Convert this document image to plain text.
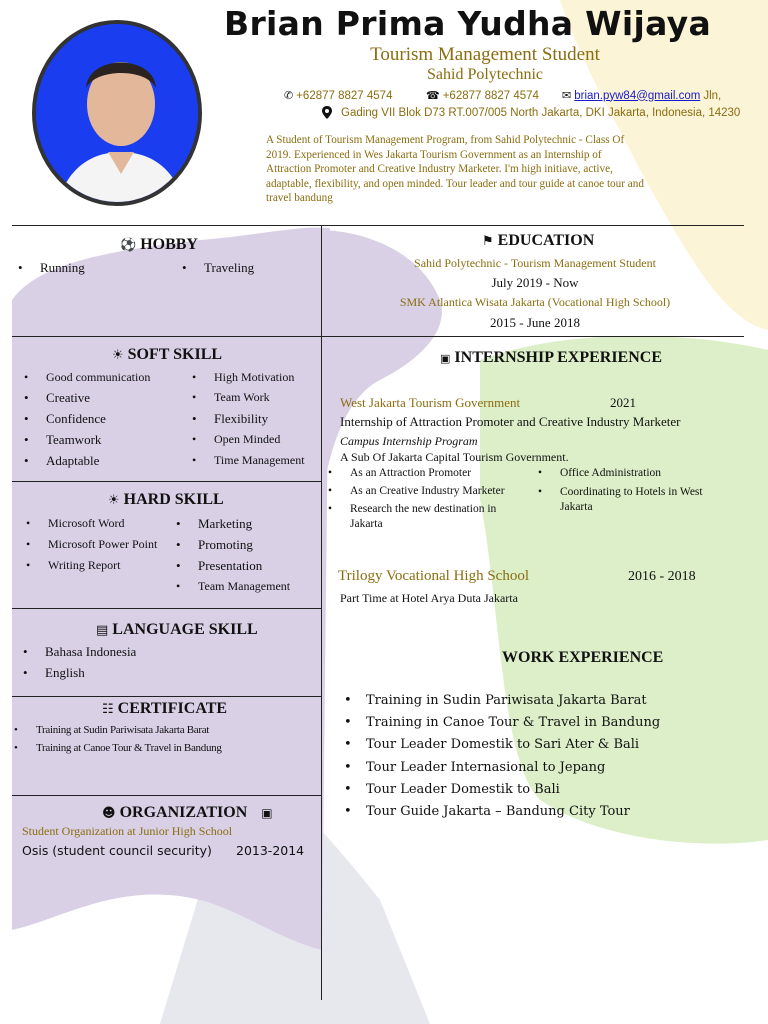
Brian Prima Yudha Wijaya
Tourism Management Student
Sahid Polytechnic
✆ +62877 8827 4574	☎ +62877 8827 4574 ✉ brian.pyw84@gmail.com Jln,
Gading VII Blok D73 RT.007/005 North Jakarta, DKI Jakarta, Indonesia, 14230
A Student of Tourism Management Program, from Sahid Polytechnic - Class Of 2019. Experienced in Wes Jakarta Tourism Government as an Internship of Attraction Promoter and Creative Industry Marketer. I'm high initiave, active, adaptable, flexibility, and open minded. Tour leader and tour guide at canoe tour and travel bandung
⚽ HOBBY
• Running
•	Traveling
⚑ EDUCATION
Sahid Polytechnic - Tourism Management Student
July 2019 - Now
SMK Atlantica Wisata Jakarta (Vocational High School)
2015 - June 2018
☀ SOFT SKILL
• Good communication
• Creative
• Confidence
• Teamwork
• Adaptable
• High Motivation
• Team Work
• Flexibility
• Open Minded
• Time Management
☀ HARD SKILL
• Microsoft Word
• Microsoft Power Point
• Writing Report
• Marketing
• Promoting
• Presentation
• Team Management
▤ LANGUAGE SKILL
• Bahasa Indonesia
• English
☷ CERTIFICATE
• Training at Sudin Pariwisata Jakarta Barat
• Training at Canoe Tour & Travel in Bandung
☻ ORGANIZATION ▣
Student Organization at Junior High School
Osis (student council security) 2013-2014
▣ INTERNSHIP EXPERIENCE
West Jakarta Tourism Government	2021
Internship of Attraction Promoter and Creative Industry Marketer
Campus Internship Program
A Sub Of Jakarta Capital Tourism Government.
• As an Attraction Promoter
• As an Creative Industry Marketer
• Research the new destination in Jakarta
• Office Administration
• Coordinating to Hotels in West Jakarta
Trilogy Vocational High School	2016 - 2018
Part Time at Hotel Arya Duta Jakarta
WORK EXPERIENCE
• Training in Sudin Pariwisata Jakarta Barat
• Training in Canoe Tour & Travel in Bandung
• Tour Leader Domestik to Sari Ater & Bali
• Tour Leader Internasional to Jepang
• Tour Leader Domestik to Bali
• Tour Guide Jakarta – Bandung City Tour
